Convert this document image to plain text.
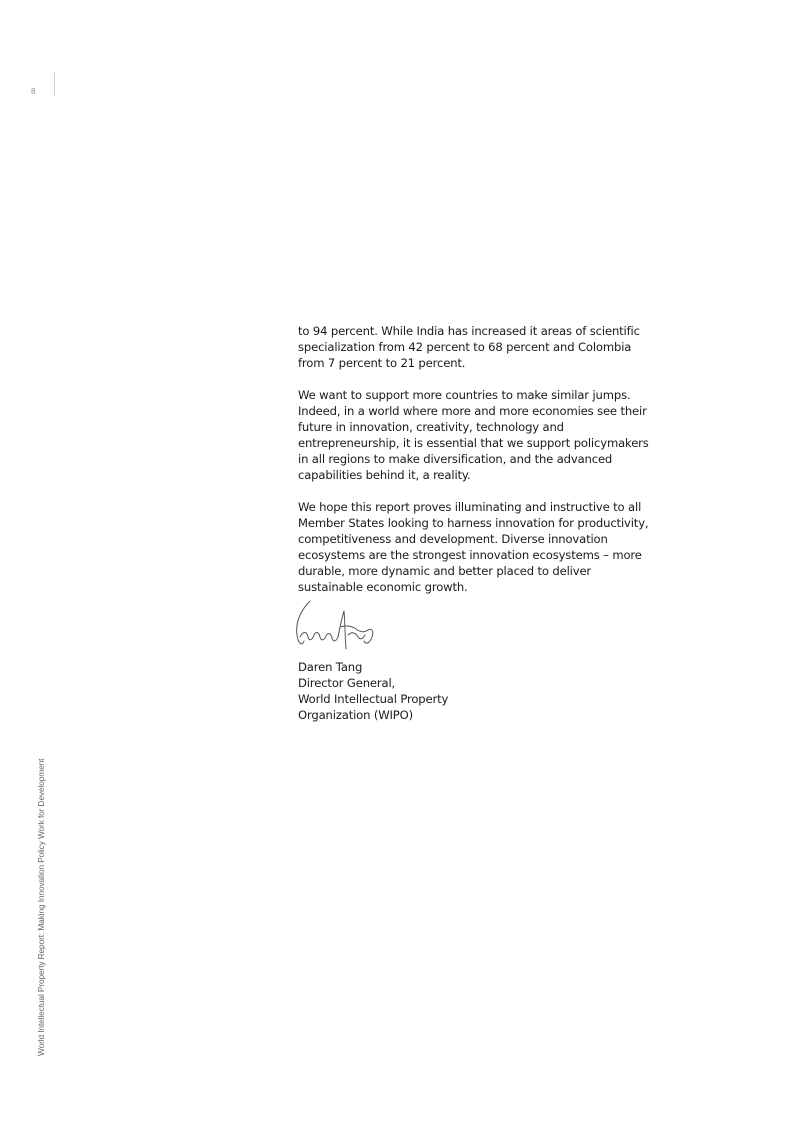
8
World Intellectual Property Report: Making Innovation Policy Work for Development

to 94 percent. While India has increased it areas of scientific specialization from 42 percent to 68 percent and Colombia from 7 percent to 21 percent.

We want to support more countries to make similar jumps. Indeed, in a world where more and more economies see their future in innovation, creativity, technology and entrepreneurship, it is essential that we support policymakers in all regions to make diversification, and the advanced capabilities behind it, a reality.

We hope this report proves illuminating and instructive to all Member States looking to harness innovation for productivity, competitiveness and development. Diverse innovation ecosystems are the strongest innovation ecosystems – more durable, more dynamic and better placed to deliver sustainable economic growth.

Daren Tang
Director General,
World Intellectual Property
Organization (WIPO)
